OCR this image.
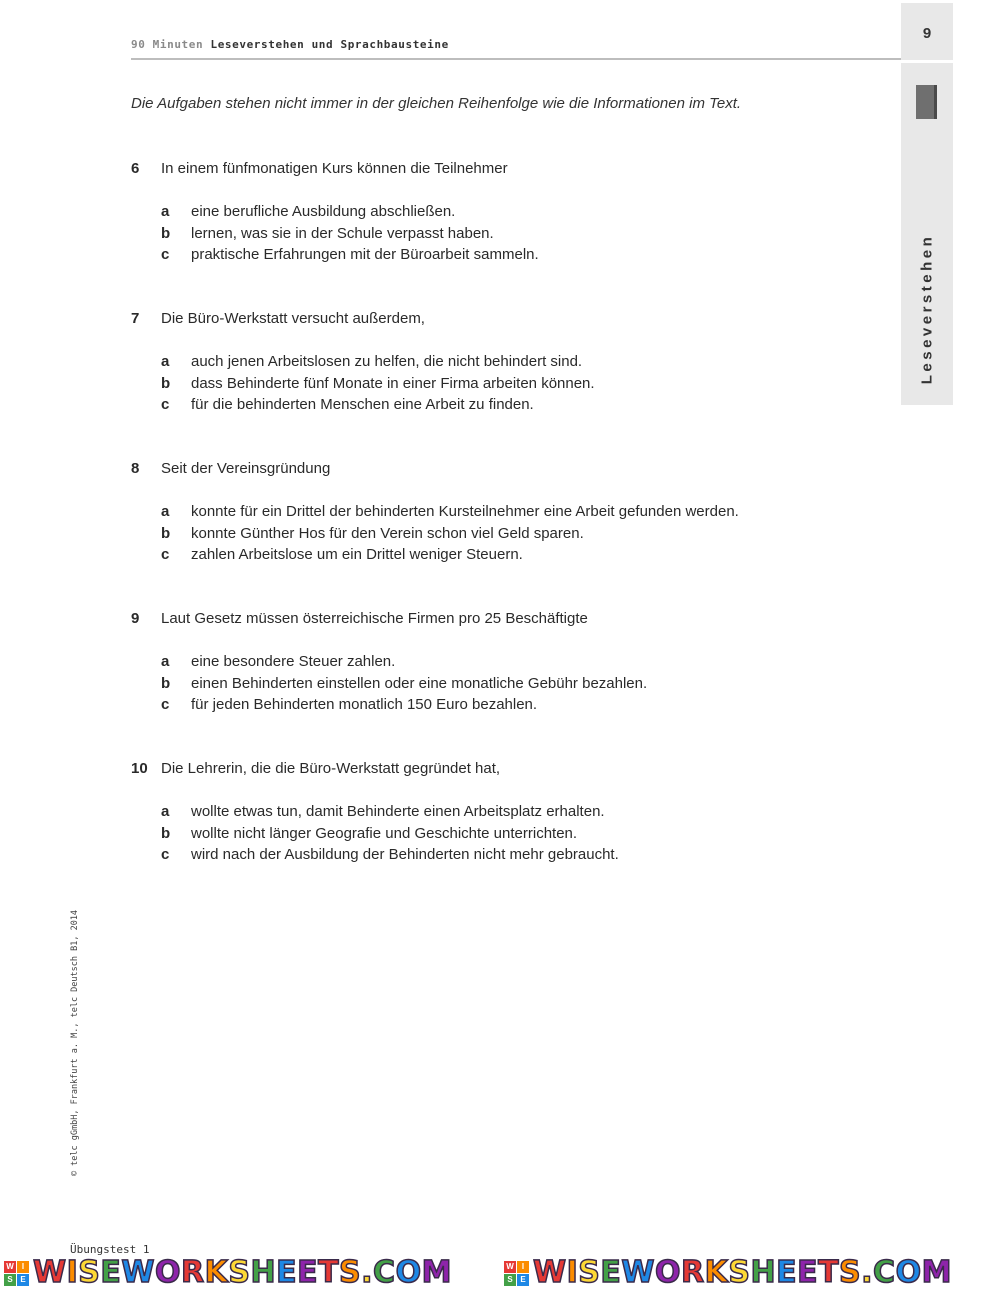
90 Minuten Leseverstehen und Sprachbausteine
9
Leseverstehen
Die Aufgaben stehen nicht immer in der gleichen Reihenfolge wie die Informationen im Text.
6 In einem fünfmonatigen Kurs können die Teilnehmer
a eine berufliche Ausbildung abschließen.
b lernen, was sie in der Schule verpasst haben.
c praktische Erfahrungen mit der Büroarbeit sammeln.
7 Die Büro-Werkstatt versucht außerdem,
a auch jenen Arbeitslosen zu helfen, die nicht behindert sind.
b dass Behinderte fünf Monate in einer Firma arbeiten können.
c für die behinderten Menschen eine Arbeit zu finden.
8 Seit der Vereinsgründung
a konnte für ein Drittel der behinderten Kursteilnehmer eine Arbeit gefunden werden.
b konnte Günther Hos für den Verein schon viel Geld sparen.
c zahlen Arbeitslose um ein Drittel weniger Steuern.
9 Laut Gesetz müssen österreichische Firmen pro 25 Beschäftigte
a eine besondere Steuer zahlen.
b einen Behinderten einstellen oder eine monatliche Gebühr bezahlen.
c für jeden Behinderten monatlich 150 Euro bezahlen.
10 Die Lehrerin, die die Büro-Werkstatt gegründet hat,
a wollte etwas tun, damit Behinderte einen Arbeitsplatz erhalten.
b wollte nicht länger Geografie und Geschichte unterrichten.
c wird nach der Ausbildung der Behinderten nicht mehr gebraucht.
© telc gGmbH, Frankfurt a. M., telc Deutsch B1, 2014
Übungstest 1
W	I
S E WISEWORKSHEETS.COM	W	I
S E WISEWORKSHEETS.COM
